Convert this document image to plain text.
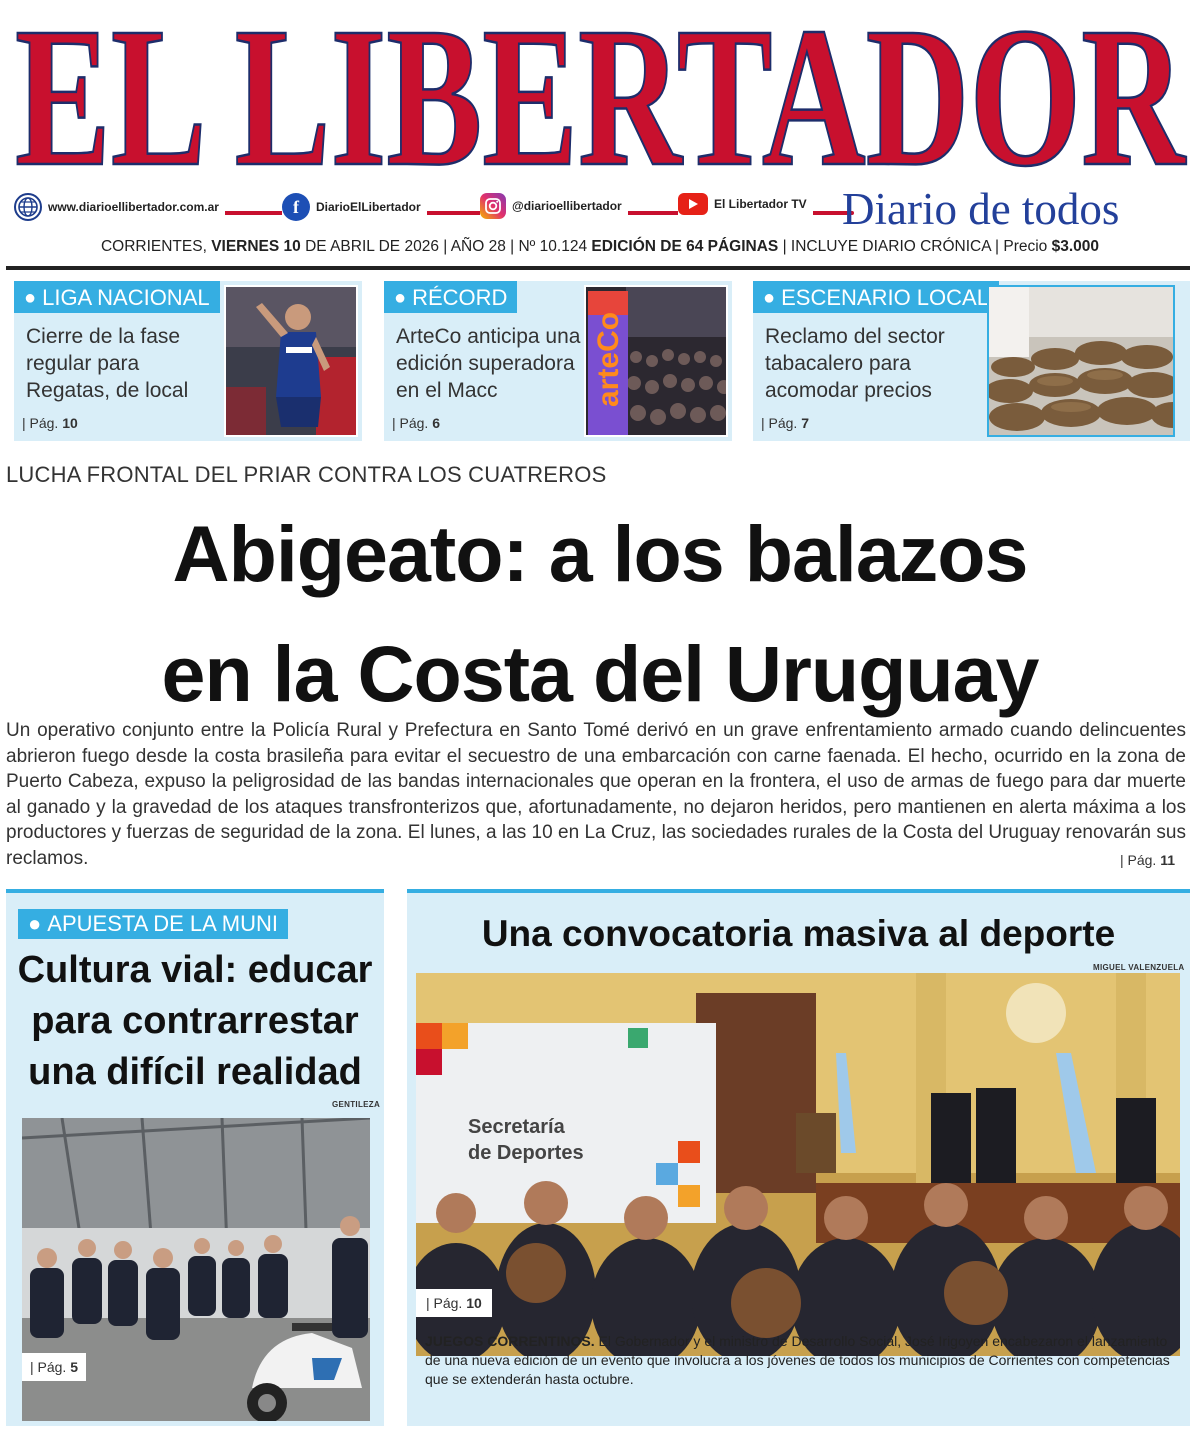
EL LIBERTADOR
www.diarioellibertador.com.ar	f	DiarioElLibertador	@diarioellibertador	El Libertador TV Diario de todos
CORRIENTES, VIERNES 10 DE ABRIL DE 2026 | AÑO 28 | Nº 10.124 EDICIÓN DE 64 PÁGINAS | INCLUYE DIARIO CRÓNICA | Precio $3.000
● LIGA NACIONAL
Cierre de la fase
regular para
Regatas, de local
| Pág. 10
● RÉCORD
ArteCo anticipa una
edición superadora
en el Macc
| Pág. 6
arteCo
● ESCENARIO LOCAL
Reclamo del sector
tabacalero para
acomodar precios
| Pág. 7
LUCHA FRONTAL DEL PRIAR CONTRA LOS CUATREROS
Abigeato: a los balazos
en la Costa del Uruguay
Un operativo conjunto entre la Policía Rural y Prefectura en Santo Tomé derivó en un grave enfrentamiento armado cuando delincuentes abrieron fuego desde la costa brasileña para evitar el secuestro de una embarcación con carne faenada. El hecho, ocurrido en la zona de Puerto Cabeza, expuso la peligrosidad de las bandas internacionales que operan en la frontera, el uso de armas de fuego para dar muerte al ganado y la gravedad de los ataques transfronterizos que, afortunadamente, no dejaron heridos, pero mantienen en alerta máxima a los productores y fuerzas de seguridad de la zona. El lunes, a las 10 en La Cruz, las sociedades rurales de la Costa del Uruguay renovarán sus reclamos.	| Pág. 11
● APUESTA DE LA MUNI
Cultura vial: educar
para contrarrestar
una difícil realidad
GENTILEZA
| Pág. 5
Una convocatoria masiva al deporte
MIGUEL VALENZUELA
Secretaría
de Deportes
| Pág. 10
JUEGOS CORRENTINOS. El Gobernador y el ministro de Desarrollo Social, José Irigoyen encabezaron el lanzamiento de una nueva edición de un evento que involucra a los jóvenes de todos los municipios de Corrientes con competencias que se extenderán hasta octubre.
